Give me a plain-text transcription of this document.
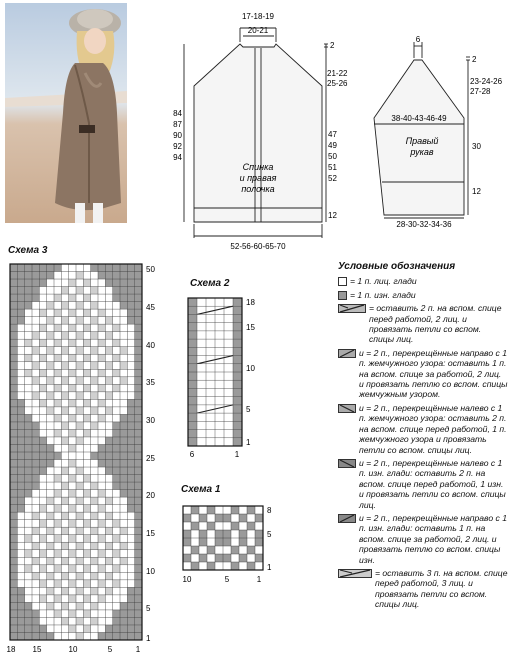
17-18-19
20-21
2
21-22
25-26
84
87
90
92
94
47
49
50
51
52
12
52-56-60-65-70
Спинка
и правая
полочка
6
2
23-24-26
27-28
38-40-43-46-49
30
12
28-30-32-34-36
Правый
рукав
Схема 3
50
45
40
35
30
25
20
15
10
5
1
18 15	10	5	1
Схема 2
18
15
10
5
1
6	1
Схема 1
8
5
1
10	5	1
Условные обозначения
= 1 п. лиц. глади
= 1 п. изн. глади
= оставить 2 п. на вспом. спице перед работой, 2 лиц. и провязать петли со вспом. спицы лиц.
и = 2 п., перекрещённые направо с 1 п. жемчужного узора: оставить 1 п. на вспом. спице за работой, 2 лиц. и провязать петлю со вспом. спицы жемчужным узором.
и = 2 п., перекрещённые налево с 1 п. жемчужного узора: оставить 2 п. на вспом. спице перед работой, 1 п. жемчужного узора и провязать петли со вспом. спицы лиц.
и = 2 п., перекрещённые налево с 1 п. изн. глади: оставить 2 п. на вспом. спице перед работой, 1 изн. и провязать петли со вспом. спицы лиц.
и = 2 п., перекрещённые направо с 1 п. изн. глади: оставить 1 п. на вспом. спице за работой, 2 лиц. и провязать петлю со вспом. спицы изн.
= оставить 3 п. на вспом. спице перед работой, 3 лиц. и провязать петли со вспом. спицы лиц.
